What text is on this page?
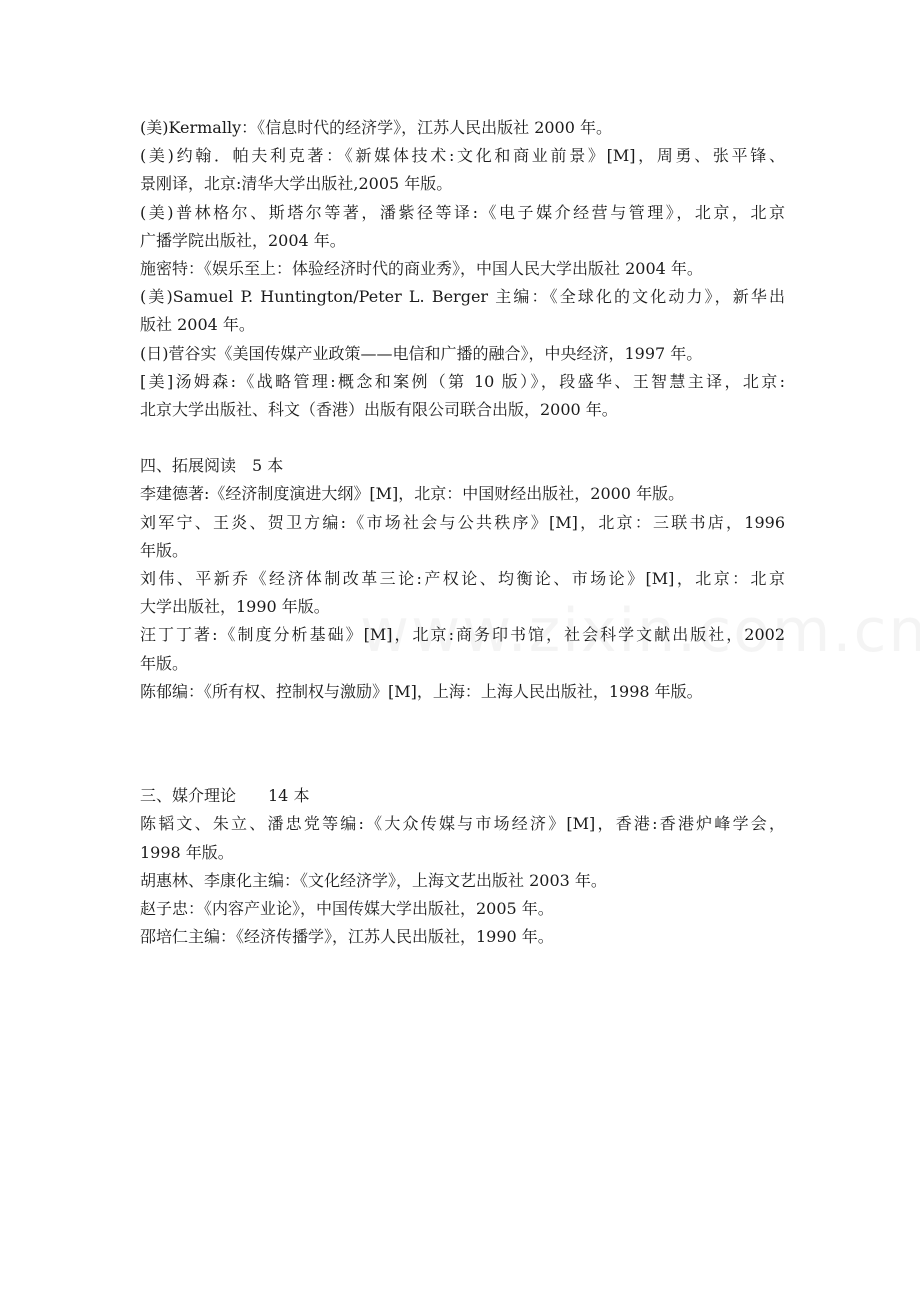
(美)Kermally：《信息时代的经济学》，江苏人民出版社 2000 年。
(美)约翰．帕夫利克著：《新媒体技术:文化和商业前景》[M]，周勇、张平锋、
景刚译，北京:清华大学出版社,2005 年版。
(美)普林格尔、斯塔尔等著，潘紫径等译:《电子媒介经营与管理》，北京，北京
广播学院出版社，2004 年。
施密特：《娱乐至上：体验经济时代的商业秀》，中国人民大学出版社 2004 年。
(美)Samuel P. Huntington/Peter L. Berger 主编：《全球化的文化动力》，新华出
版社 2004 年。
(日)菅谷实《美国传媒产业政策——电信和广播的融合》，中央经济，1997 年。
[美]汤姆森:《战略管理:概念和案例（第 10 版）》，段盛华、王智慧主译，北京:
北京大学出版社、科文（香港）出版有限公司联合出版，2000 年。
四、拓展阅读　5 本
李建德著:《经济制度演进大纲》[M]，北京：中国财经出版社，2000 年版。
刘军宁、王炎、贺卫方编:《市场社会与公共秩序》[M]，北京：三联书店，1996
年版。
刘伟、平新乔《经济体制改革三论:产权论、均衡论、市场论》[M]，北京：北京
大学出版社，1990 年版。
汪丁丁著:《制度分析基础》[M]，北京:商务印书馆，社会科学文献出版社，2002
年版。
陈郁编：《所有权、控制权与激励》[M]，上海：上海人民出版社，1998 年版。
三、媒介理论　　14 本
陈韬文、朱立、潘忠党等编:《大众传媒与市场经济》[M]，香港:香港炉峰学会，
1998 年版。
胡惠林、李康化主编：《文化经济学》，上海文艺出版社 2003 年。
赵子忠：《内容产业论》，中国传媒大学出版社，2005 年。
邵培仁主编：《经济传播学》，江苏人民出版社，1990 年。
